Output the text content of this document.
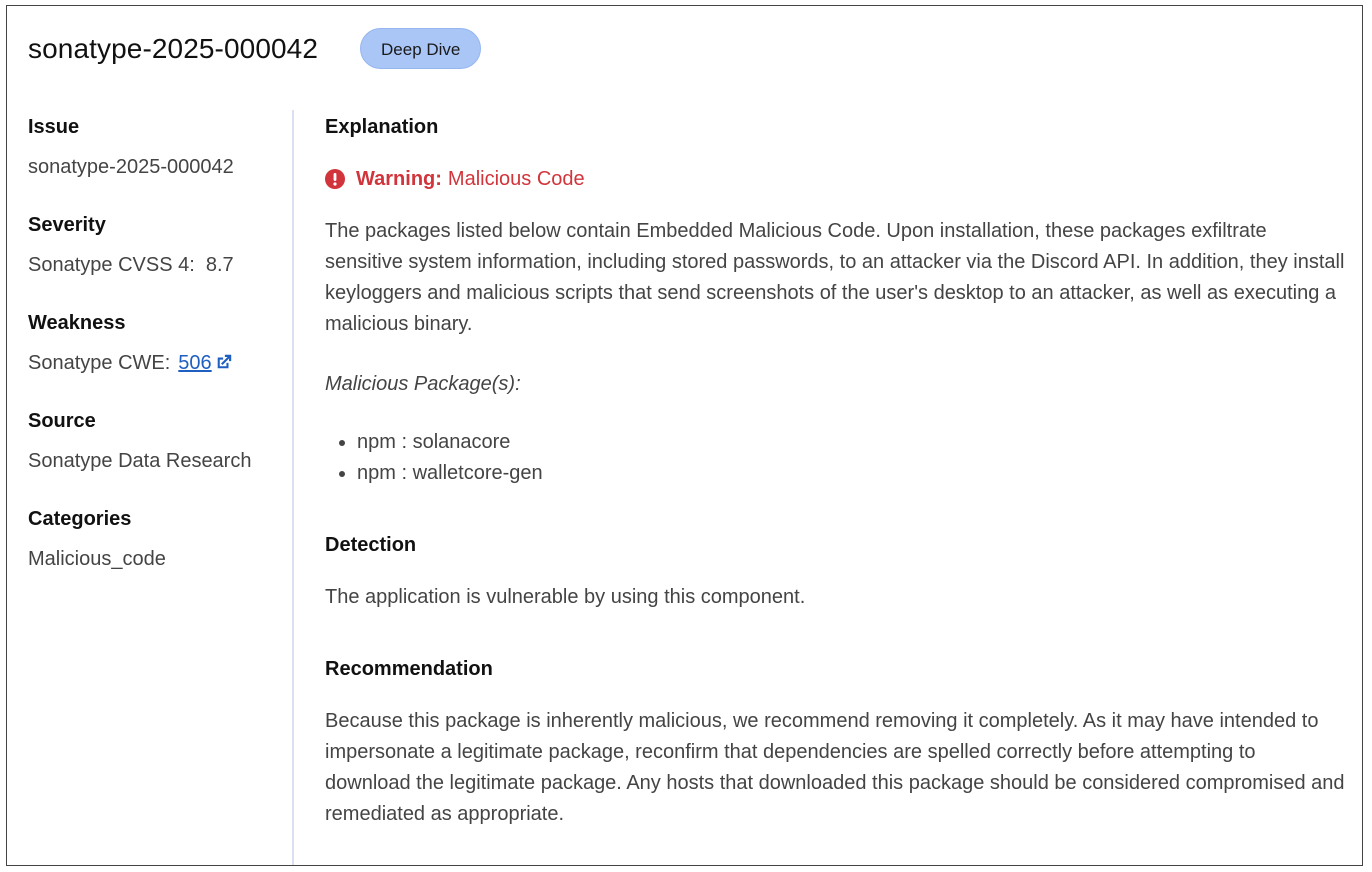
sonatype-2025-000042	Deep Dive
Issue
sonatype-2025-000042
Severity
Sonatype CVSS 4:  8.7
Weakness
Sonatype CWE: 506
Source
Sonatype Data Research
Categories
Malicious_code
Explanation
Warning: Malicious Code
The packages listed below contain Embedded Malicious Code. Upon installation, these packages exfiltrate sensitive system information, including stored passwords, to an attacker via the Discord API. In addition, they install keyloggers and malicious scripts that send screenshots of the user's desktop to an attacker, as well as executing a malicious binary.
Malicious Package(s):
• npm : solanacore
• npm : walletcore-gen
Detection
The application is vulnerable by using this component.
Recommendation
Because this package is inherently malicious, we recommend removing it completely. As it may have intended to impersonate a legitimate package, reconfirm that dependencies are spelled correctly before attempting to download the legitimate package. Any hosts that downloaded this package should be considered compromised and remediated as appropriate.
